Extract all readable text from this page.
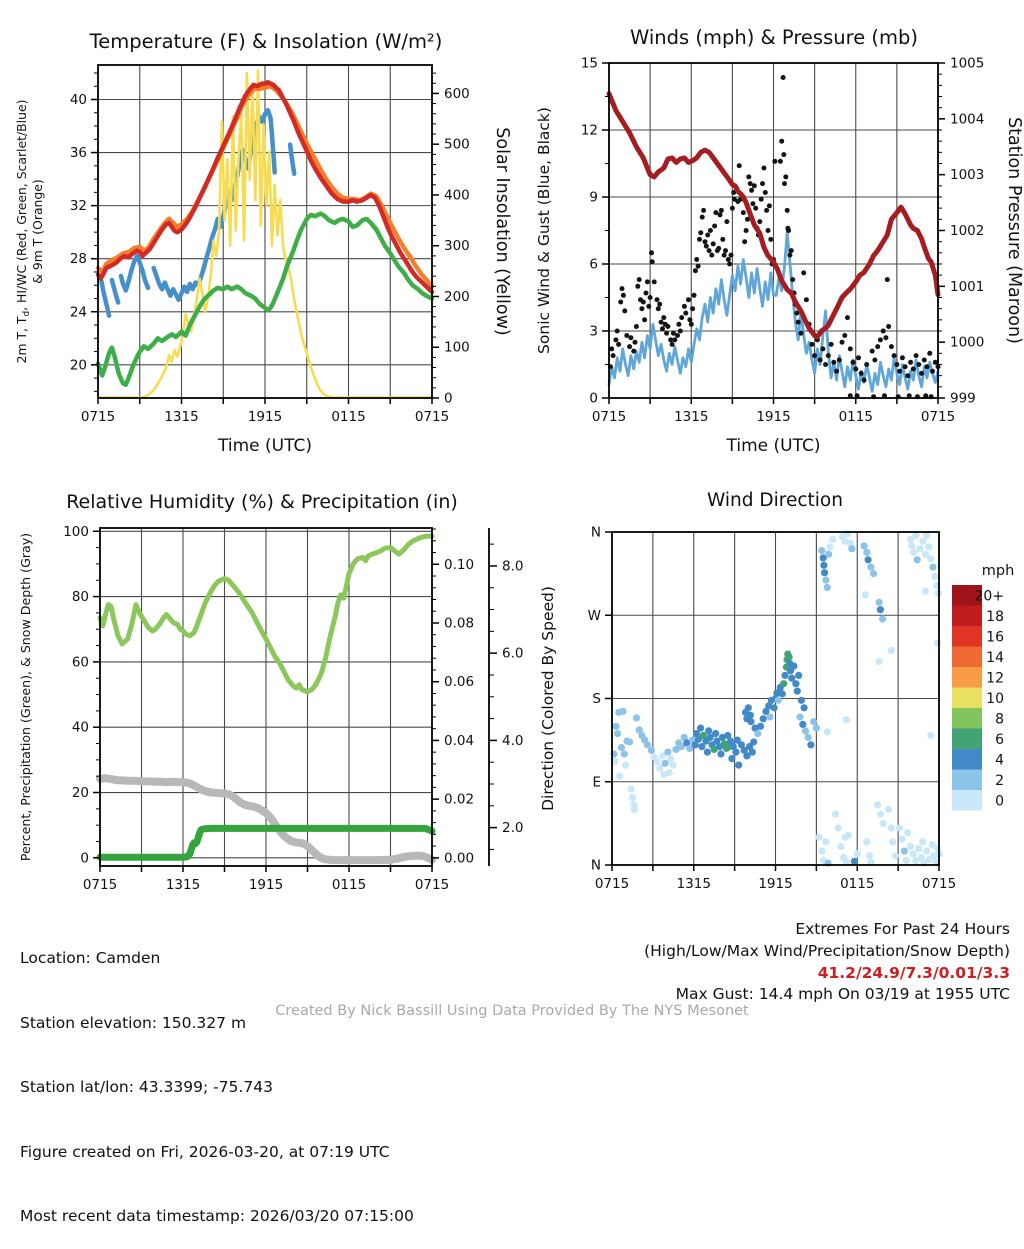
0715	1315	1915	0115	0715
20
24
28
32
36
40
0
100
200
300
400
500
600
2m T, $T_d$, HI/WC (Red, Green, Scarlet/Blue) & 9m T (Orange)	Solar Insolation (Yellow)
Temperature (F) & Insolation (W/m²)
Time (UTC)
0715	1315	1915	0115	0715
0
3
6
9
12
15
999
1000
1001
1002
1003
1004
1005
Sonic Wind & Gust (Blue, Black)	Station Pressure (Maroon)
Winds (mph) & Pressure (mb)
Time (UTC)
0715	1315	1915	0115	0715
0
20
40
60
80
100
0.00
0.02
0.04
0.06
0.08
0.10
2.0
4.0
6.0
8.0
Percent, Precipitation (Green), & Snow Depth (Gray)
Relative Humidity (%) & Precipitation (in)
0715	1315	1915	0115	0715
N
E
S
W
N
Direction (Colored By Speed)
Wind Direction
mph
20+
18
16
14
12
10
8
6
4
2
0

Location: Camden

Station elevation: 150.327 m

Station lat/lon: 43.3399; -75.743

Figure created on Fri, 2026-03-20, at 07:19 UTC

Most recent data timestamp: 2026/03/20 07:15:00

Extremes For Past 24 Hours
(High/Low/Max Wind/Precipitation/Snow Depth)
41.2/24.9/7.3/0.01/3.3
Max Gust: 14.4 mph On 03/19 at 1955 UTC
Created By Nick Bassill Using Data Provided By The NYS Mesonet
